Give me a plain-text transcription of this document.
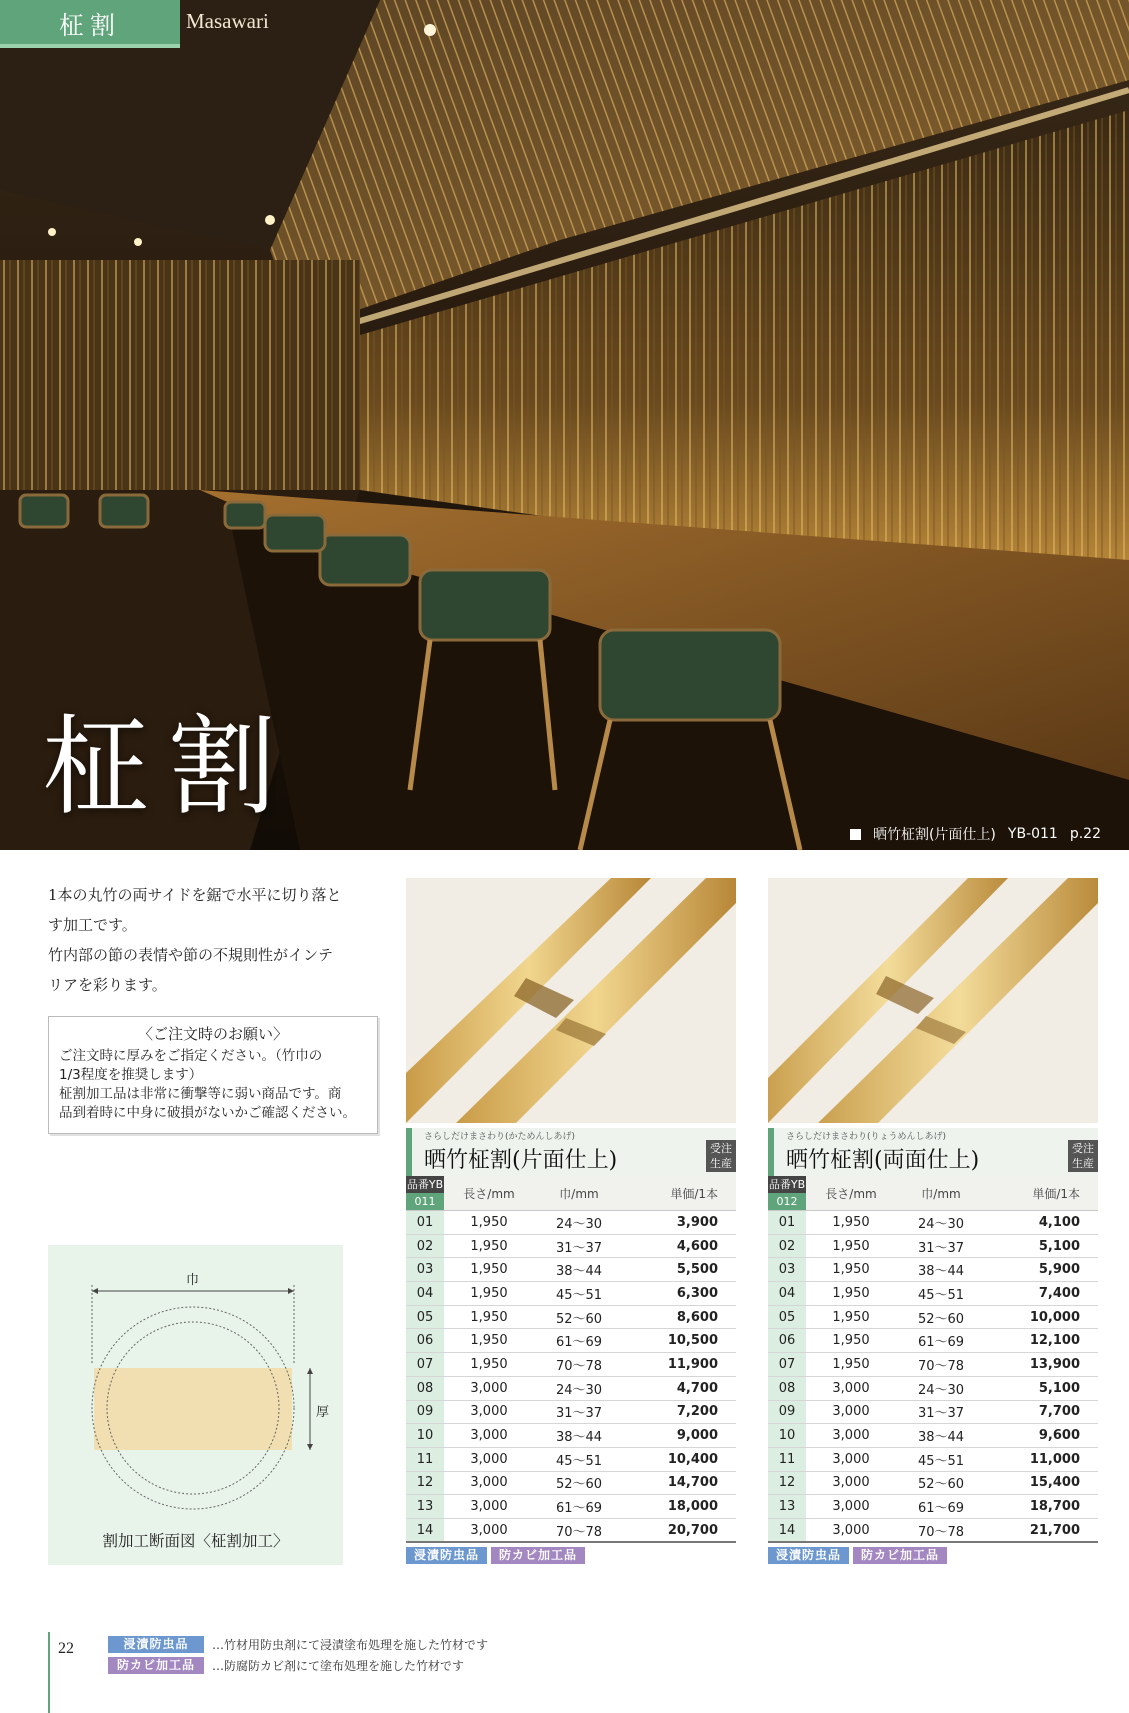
柾割	Masawari
柾割
晒竹柾割(片面仕上) YB-011 p.22
1本の丸竹の両サイドを鋸で水平に切り落と
す加工です。
竹内部の節の表情や節の不規則性がインテ
リアを彩ります。
〈ご注文時のお願い〉
ご注文時に厚みをご指定ください。（竹巾の
1/3程度を推奨します）
柾割加工品は非常に衝撃等に弱い商品です。商
品到着時に中身に破損がないかご確認ください。
巾
厚
割加工断面図〈柾割加工〉
さらしだけまさわり(かためんしあげ)
晒竹柾割(片面仕上)	受注
生産
品番YB
011	長さ/mm	巾/mm	単価/1本
01	1,950	24〜30	3,900
02	1,950	31〜37	4,600
03	1,950	38〜44	5,500
04	1,950	45〜51	6,300
05	1,950	52〜60	8,600
06	1,950	61〜69	10,500
07	1,950	70〜78	11,900
08	3,000	24〜30	4,700
09	3,000	31〜37	7,200
10	3,000	38〜44	9,000
11	3,000	45〜51	10,400
12	3,000	52〜60	14,700
13	3,000	61〜69	18,000
14	3,000	70〜78	20,700
浸漬防虫品	防カビ加工品
さらしだけまさわり(りょうめんしあげ)
晒竹柾割(両面仕上)	受注
生産
品番YB
012	長さ/mm	巾/mm	単価/1本
01	1,950	24〜30	4,100
02	1,950	31〜37	5,100
03	1,950	38〜44	5,900
04	1,950	45〜51	7,400
05	1,950	52〜60	10,000
06	1,950	61〜69	12,100
07	1,950	70〜78	13,900
08	3,000	24〜30	5,100
09	3,000	31〜37	7,700
10	3,000	38〜44	9,600
11	3,000	45〜51	11,000
12	3,000	52〜60	15,400
13	3,000	61〜69	18,700
14	3,000	70〜78	21,700
浸漬防虫品	防カビ加工品
22	浸漬防虫品	…竹材用防虫剤にて浸漬塗布処理を施した竹材です
防カビ加工品	…防腐防カビ剤にて塗布処理を施した竹材です
